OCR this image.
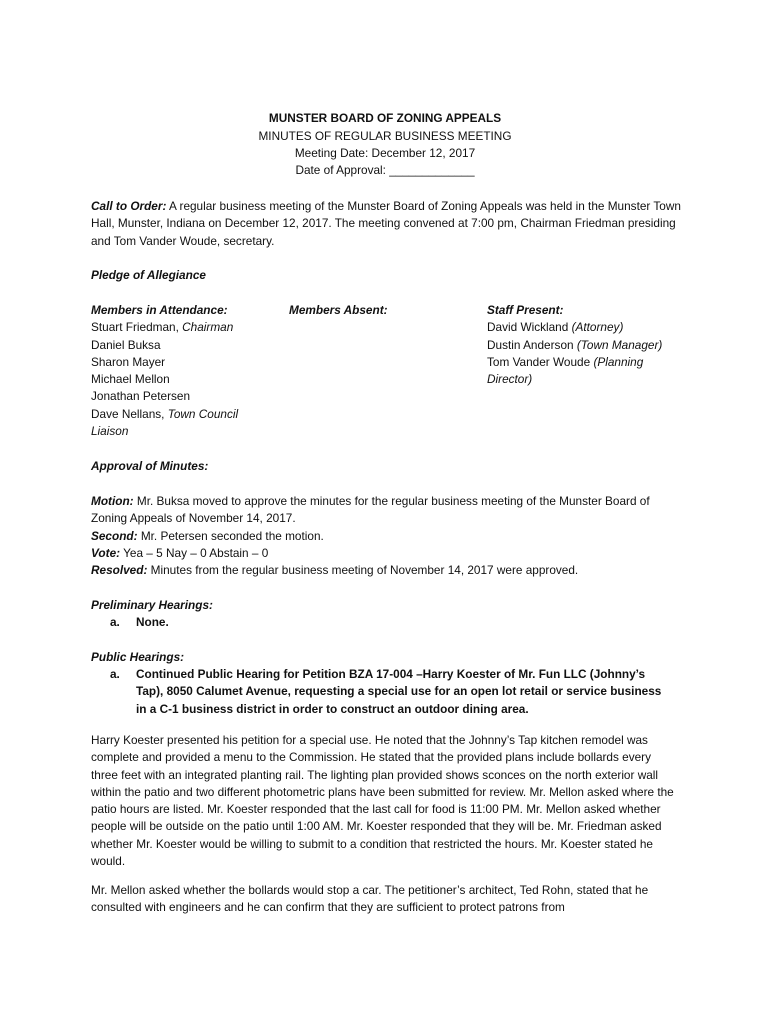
MUNSTER BOARD OF ZONING APPEALS
MINUTES OF REGULAR BUSINESS MEETING
Meeting Date: December 12, 2017
Date of Approval: _____________
Call to Order: A regular business meeting of the Munster Board of Zoning Appeals was held in the Munster Town Hall, Munster, Indiana on December 12, 2017. The meeting convened at 7:00 pm, Chairman Friedman presiding and Tom Vander Woude, secretary.
Pledge of Allegiance
Members in Attendance:
Stuart Friedman, Chairman
Daniel Buksa
Sharon Mayer
Michael Mellon
Jonathan Petersen
Dave Nellans, Town Council
Liaison
Members Absent:	Staff Present:
David Wickland (Attorney)
Dustin Anderson (Town Manager)
Tom Vander Woude (Planning
Director)
Approval of Minutes:
Motion: Mr. Buksa moved to approve the minutes for the regular business meeting of the Munster Board of Zoning Appeals of November 14, 2017.
Second: Mr. Petersen seconded the motion.
Vote: Yea – 5 Nay – 0 Abstain – 0
Resolved: Minutes from the regular business meeting of November 14, 2017 were approved.
Preliminary Hearings:
a. None.
Public Hearings:
a. Continued Public Hearing for Petition BZA 17-004 –Harry Koester of Mr. Fun LLC (Johnny’s Tap), 8050 Calumet Avenue, requesting a special use for an open lot retail or service business in a C-1 business district in order to construct an outdoor dining area.

Harry Koester presented his petition for a special use. He noted that the Johnny’s Tap kitchen remodel was complete and provided a menu to the Commission. He stated that the provided plans include bollards every three feet with an integrated planting rail. The lighting plan provided shows sconces on the north exterior wall within the patio and two different photometric plans have been submitted for review. Mr. Mellon asked where the patio hours are listed. Mr. Koester responded that the last call for food is 11:00 PM. Mr. Mellon asked whether people will be outside on the patio until 1:00 AM. Mr. Koester responded that they will be. Mr. Friedman asked whether Mr. Koester would be willing to submit to a condition that restricted the hours. Mr. Koester stated he would.

Mr. Mellon asked whether the bollards would stop a car. The petitioner’s architect, Ted Rohn, stated that he consulted with engineers and he can confirm that they are sufficient to protect patrons from
